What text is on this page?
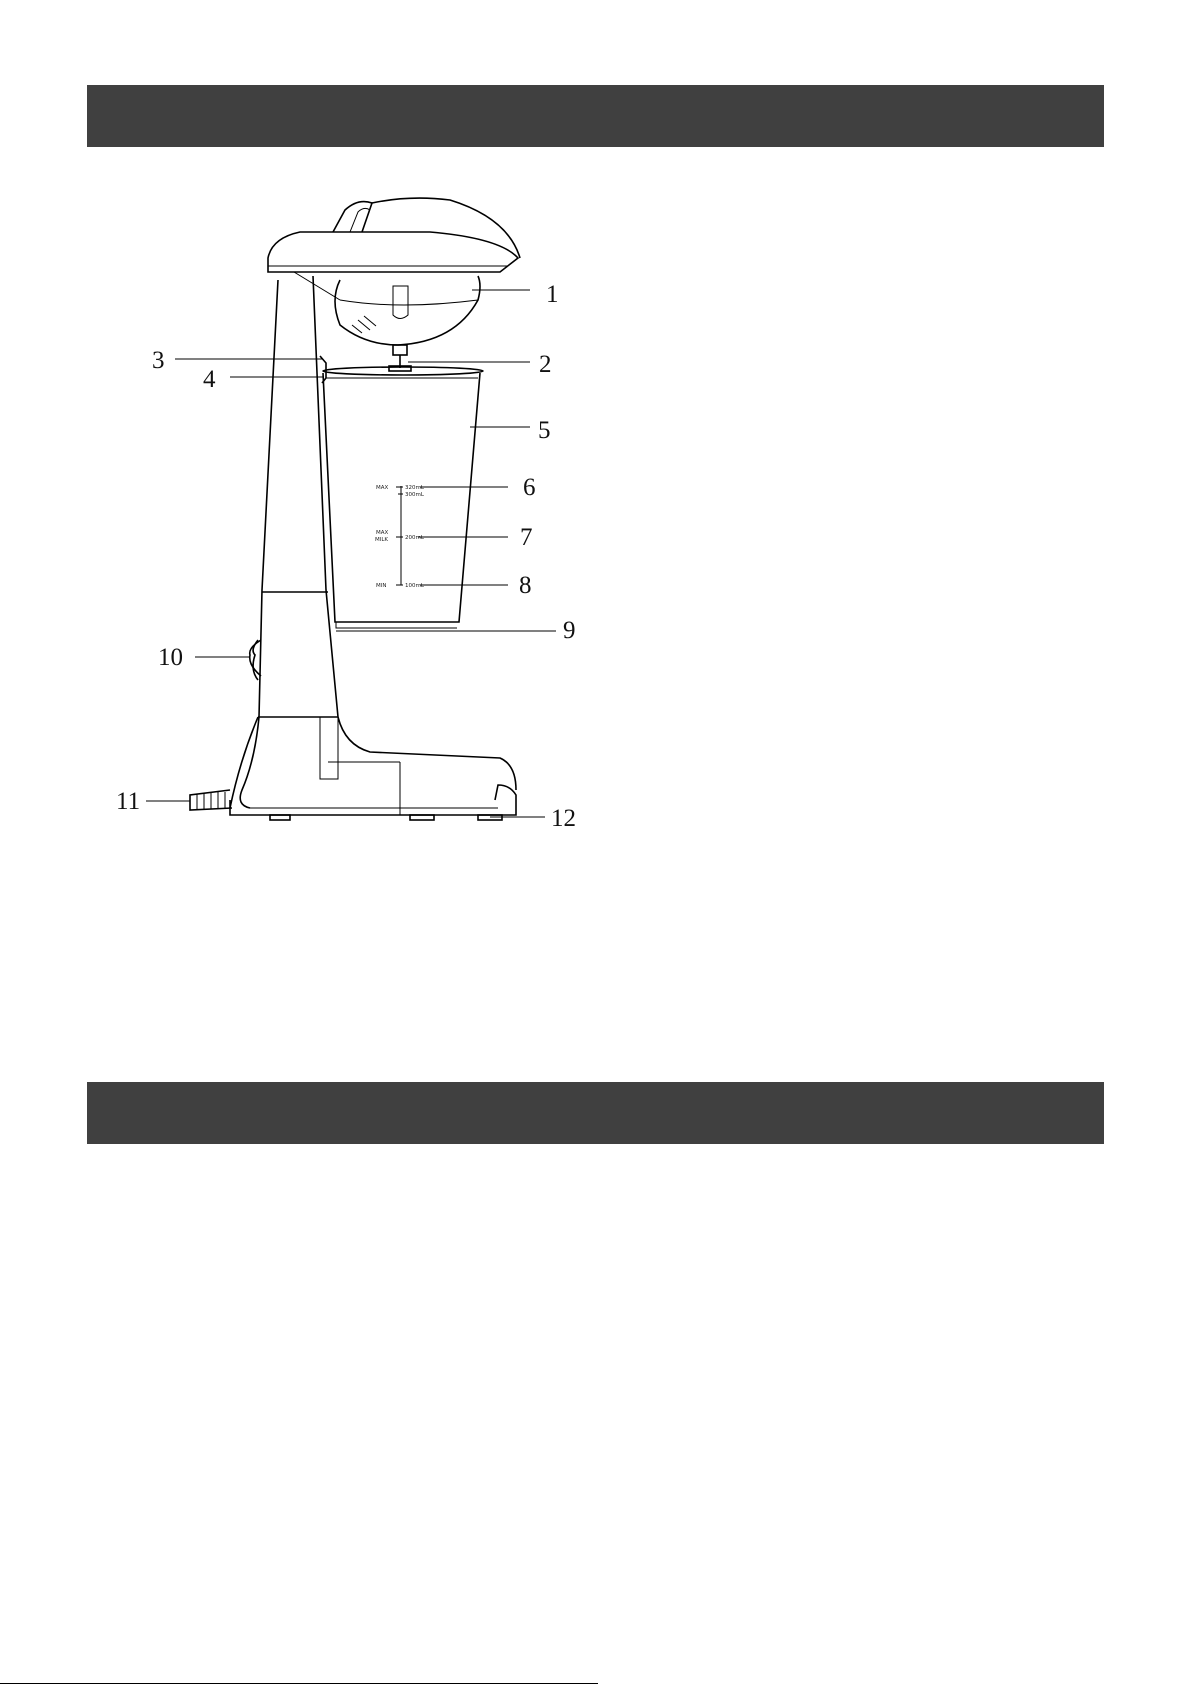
MAX
MAX
MILK
MIN
320mL
300mL
200mL
100mL
1
2
3
4
5
6
7
8
9
10
11
12
